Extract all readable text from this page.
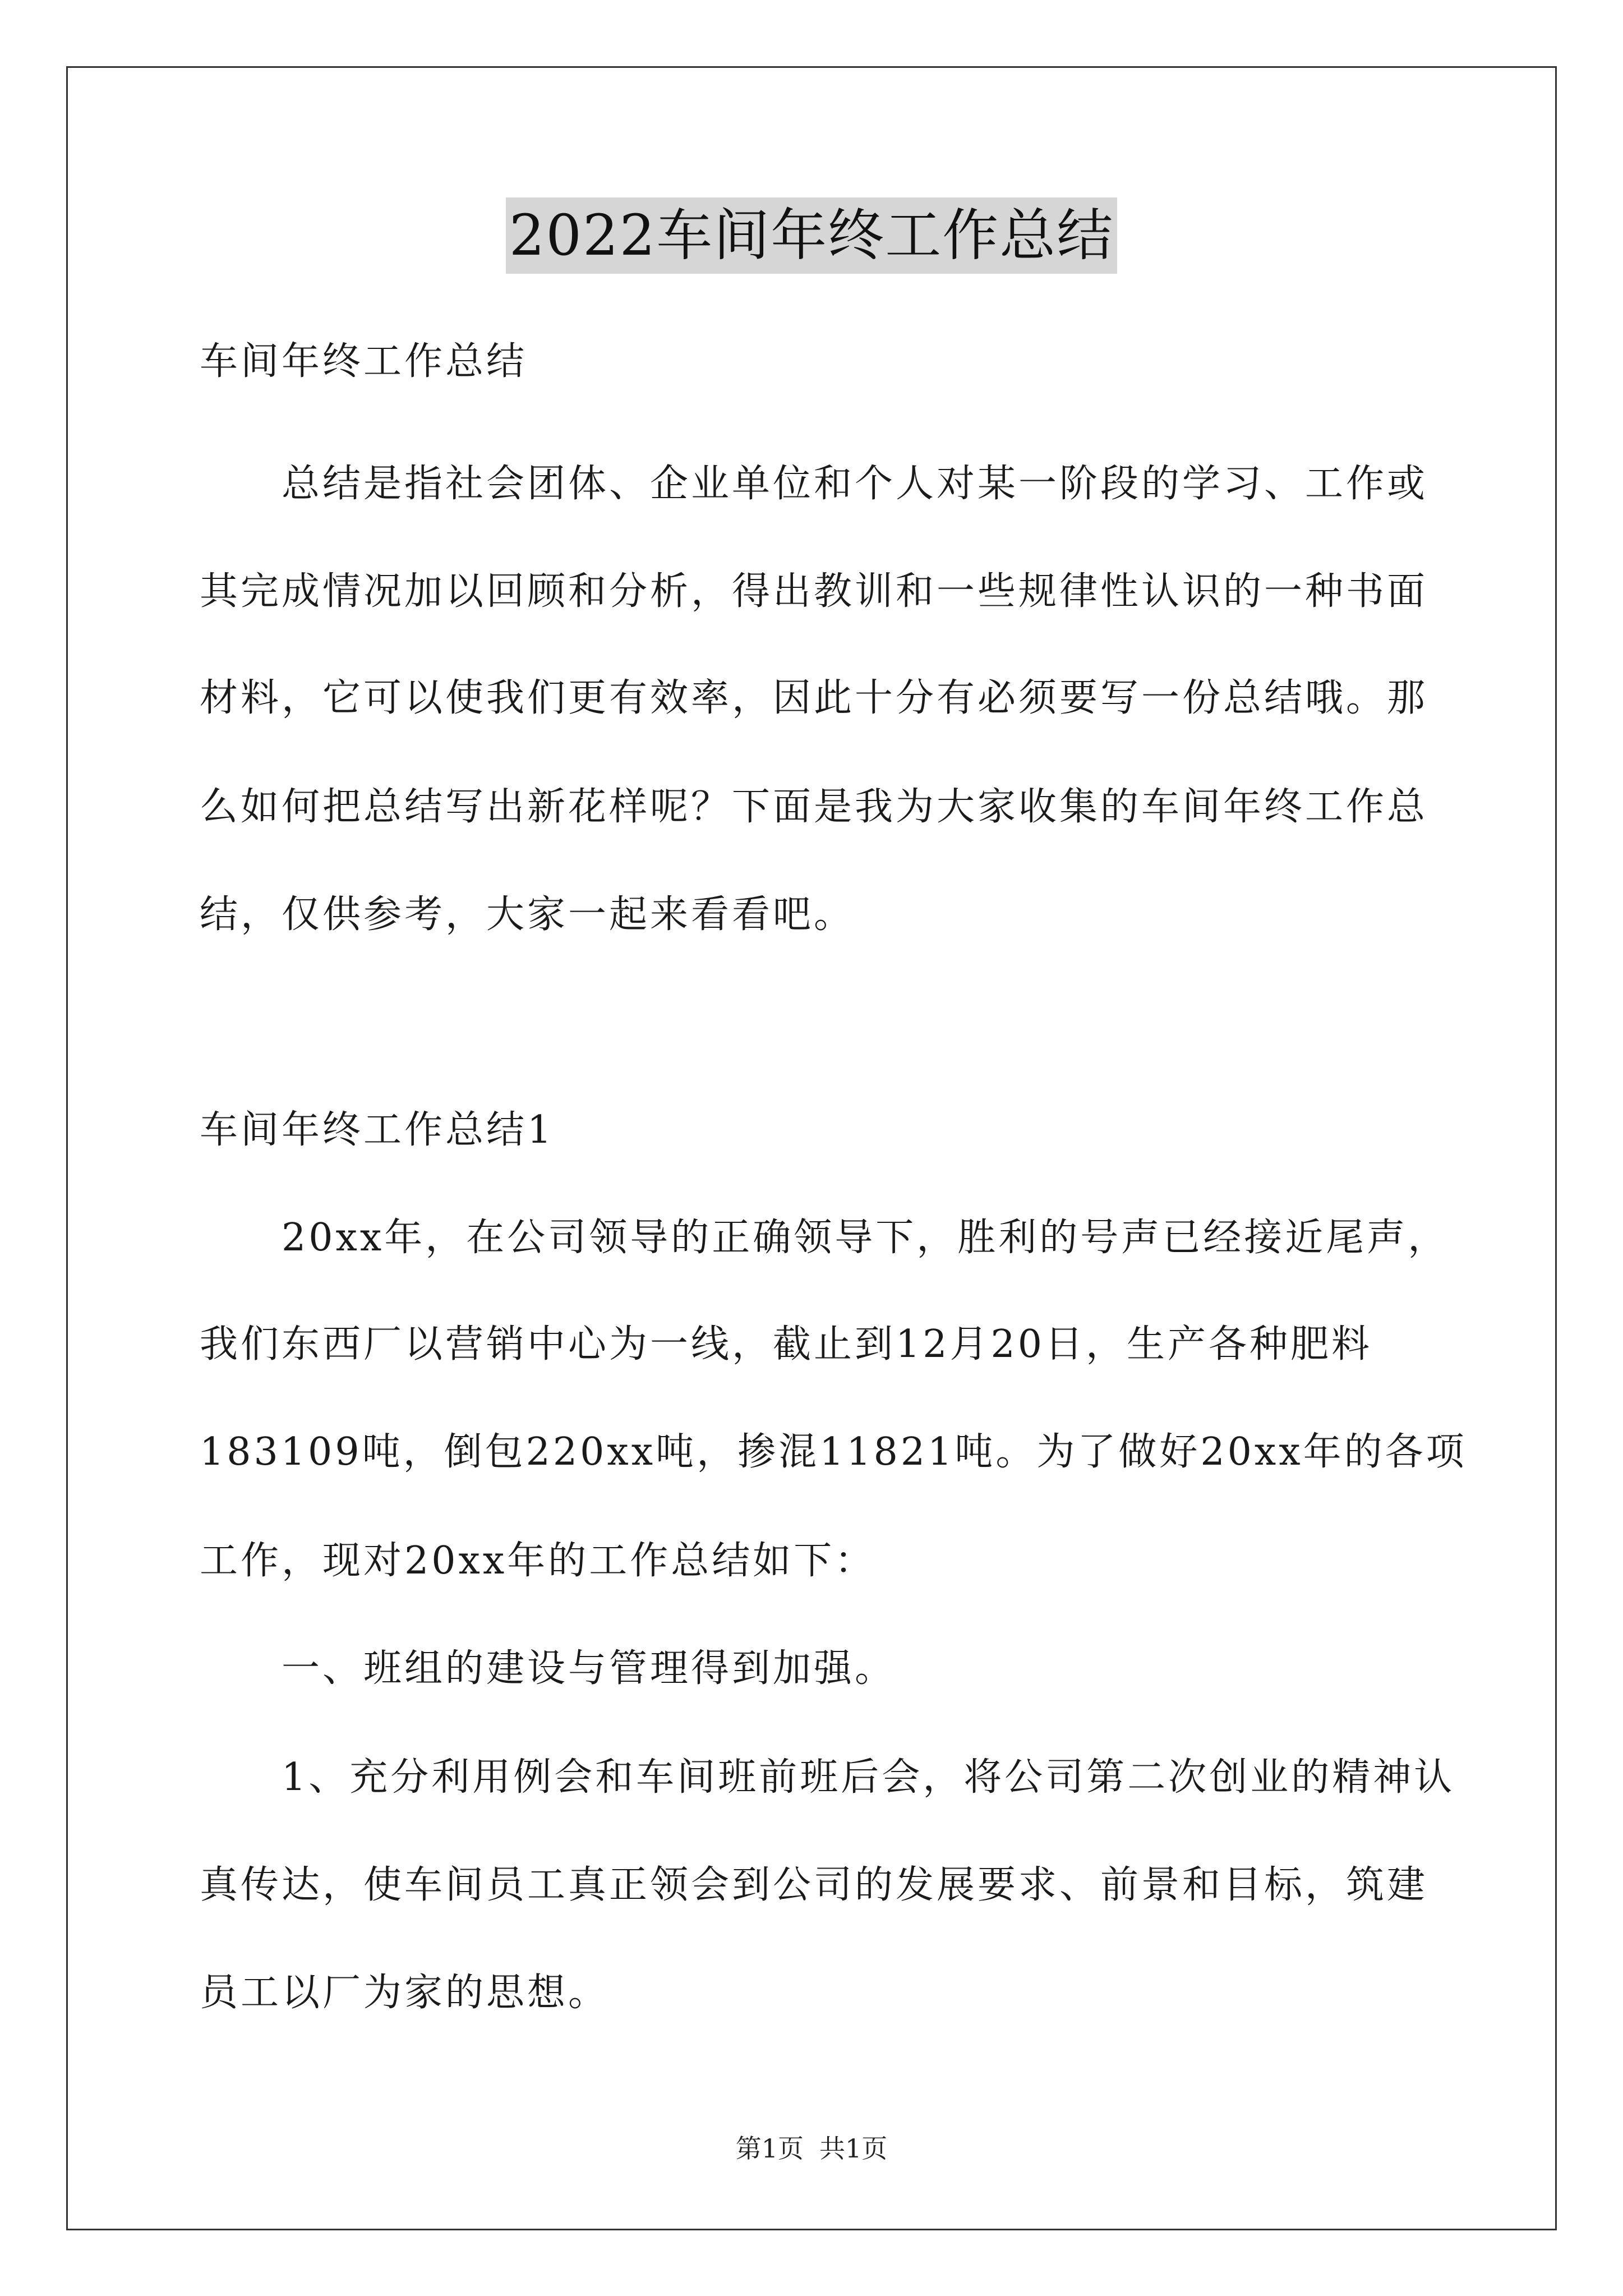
2022车间年终工作总结
车间年终工作总结
总结是指社会团体、企业单位和个人对某一阶段的学习、工作或
其完成情况加以回顾和分析，得出教训和一些规律性认识的一种书面
材料，它可以使我们更有效率，因此十分有必须要写一份总结哦。那
么如何把总结写出新花样呢？下面是我为大家收集的车间年终工作总
结，仅供参考，大家一起来看看吧。
车间年终工作总结1
20xx年，在公司领导的正确领导下，胜利的号声已经接近尾声，
我们东西厂以营销中心为一线，截止到12月20日，生产各种肥料
183109吨，倒包220xx吨，掺混11821吨。为了做好20xx年的各项
工作，现对20xx年的工作总结如下：
一、班组的建设与管理得到加强。
1、充分利用例会和车间班前班后会，将公司第二次创业的精神认
真传达，使车间员工真正领会到公司的发展要求、前景和目标，筑建
员工以厂为家的思想。
第1页 共1页
